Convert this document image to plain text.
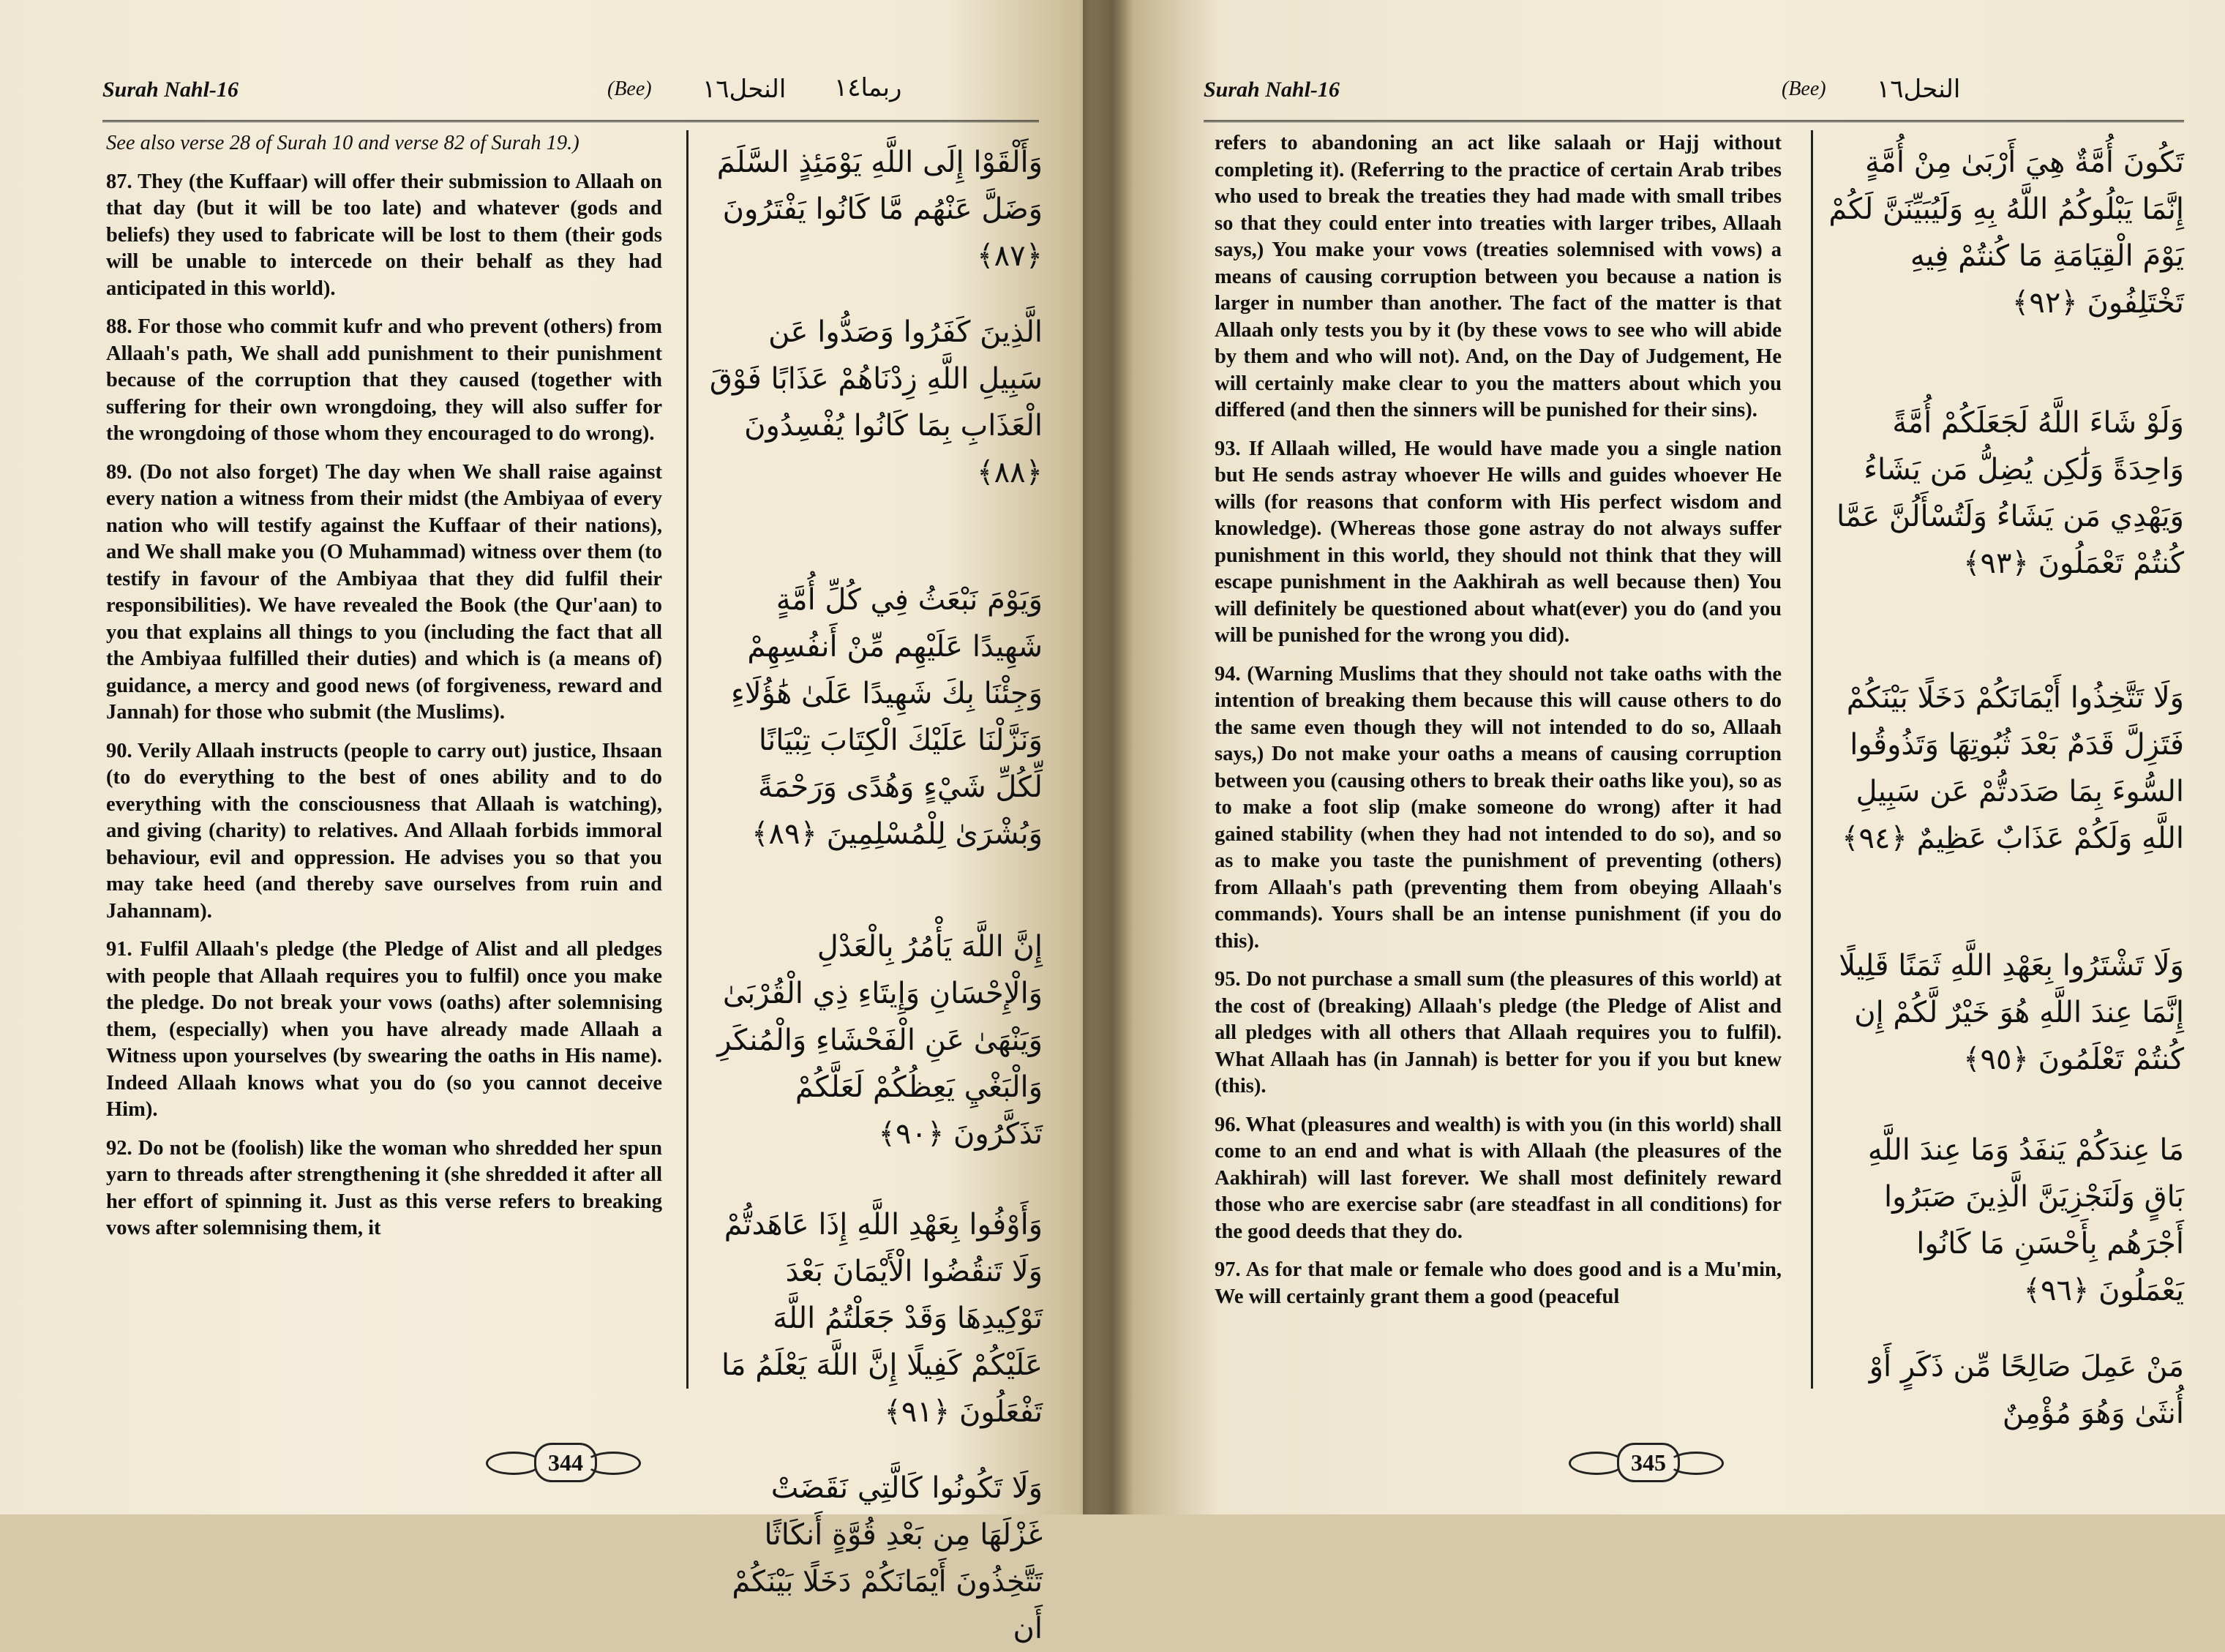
Surah Nahl-16	(Bee) النحل١٦ ربما١٤

See also verse 28 of Surah 10 and verse 82 of Surah 19.)

87. They (the Kuffaar) will offer their submission to Allaah on that day (but it will be too late) and whatever (gods and beliefs) they used to fabricate will be lost to them (their gods will be unable to intercede on their behalf as they had anticipated in this world).

88. For those who commit kufr and who prevent (others) from Allaah's path, We shall add punishment to their punishment because of the corruption that they caused (together with suffering for their own wrongdoing, they will also suffer for the wrongdoing of those whom they encouraged to do wrong).

89. (Do not also forget) The day when We shall raise against every nation a witness from their midst (the Ambiyaa of every nation who will testify against the Kuffaar of their nations), and We shall make you (O Muhammad) witness over them (to testify in favour of the Ambiyaa that they did fulfil their responsibilities). We have revealed the Book (the Qur'aan) to you that explains all things to you (including the fact that all the Ambiyaa fulfilled their duties) and which is (a means of) guidance, a mercy and good news (of forgiveness, reward and Jannah) for those who submit (the Muslims).

90. Verily Allaah instructs (people to carry out) justice, Ihsaan (to do everything to the best of ones ability and to do everything with the consciousness that Allaah is watching), and giving (charity) to relatives. And Allaah forbids immoral behaviour, evil and oppression. He advises you so that you may take heed (and thereby save ourselves from ruin and Jahannam).

91. Fulfil Allaah's pledge (the Pledge of Alist and all pledges with people that Allaah requires you to fulfil) once you make the pledge. Do not break your vows (oaths) after solemnising them, (especially) when you have already made Allaah a Witness upon yourselves (by swearing the oaths in His name). Indeed Allaah knows what you do (so you cannot deceive Him).

92. Do not be (foolish) like the woman who shredded her spun yarn to threads after strengthening it (she shredded it after all her effort of spinning it. Just as this verse refers to breaking vows after solemnising them, it

وَأَلْقَوْا إِلَى اللَّهِ يَوْمَئِذٍ السَّلَمَ وَضَلَّ عَنْهُم مَّا كَانُوا يَفْتَرُونَ ﴿٨٧﴾
الَّذِينَ كَفَرُوا وَصَدُّوا عَن سَبِيلِ اللَّهِ زِدْنَاهُمْ عَذَابًا فَوْقَ الْعَذَابِ بِمَا كَانُوا يُفْسِدُونَ ﴿٨٨﴾
وَيَوْمَ نَبْعَثُ فِي كُلِّ أُمَّةٍ شَهِيدًا عَلَيْهِم مِّنْ أَنفُسِهِمْ وَجِئْنَا بِكَ شَهِيدًا عَلَىٰ هَٰؤُلَاءِ وَنَزَّلْنَا عَلَيْكَ الْكِتَابَ تِبْيَانًا لِّكُلِّ شَيْءٍ وَهُدًى وَرَحْمَةً وَبُشْرَىٰ لِلْمُسْلِمِينَ ﴿٨٩﴾
إِنَّ اللَّهَ يَأْمُرُ بِالْعَدْلِ وَالْإِحْسَانِ وَإِيتَاءِ ذِي الْقُرْبَىٰ وَيَنْهَىٰ عَنِ الْفَحْشَاءِ وَالْمُنكَرِ وَالْبَغْيِ يَعِظُكُمْ لَعَلَّكُمْ تَذَكَّرُونَ ﴿٩٠﴾
وَأَوْفُوا بِعَهْدِ اللَّهِ إِذَا عَاهَدتُّمْ وَلَا تَنقُضُوا الْأَيْمَانَ بَعْدَ تَوْكِيدِهَا وَقَدْ جَعَلْتُمُ اللَّهَ عَلَيْكُمْ كَفِيلًا إِنَّ اللَّهَ يَعْلَمُ مَا تَفْعَلُونَ ﴿٩١﴾
وَلَا تَكُونُوا كَالَّتِي نَقَضَتْ غَزْلَهَا مِن بَعْدِ قُوَّةٍ أَنكَاثًا تَتَّخِذُونَ أَيْمَانَكُمْ دَخَلًا بَيْنَكُمْ أَن
344
Surah Nahl-16	(Bee) النحل١٦

refers to abandoning an act like salaah or Hajj without completing it). (Referring to the practice of certain Arab tribes who used to break the treaties they had made with small tribes so that they could enter into treaties with larger tribes, Allaah says,) You make your vows (treaties solemnised with vows) a means of causing corruption between you because a nation is larger in number than another. The fact of the matter is that Allaah only tests you by it (by these vows to see who will abide by them and who will not). And, on the Day of Judgement, He will certainly make clear to you the matters about which you differed (and then the sinners will be punished for their sins).

93. If Allaah willed, He would have made you a single nation but He sends astray whoever He wills and guides whoever He wills (for reasons that conform with His perfect wisdom and knowledge). (Whereas those gone astray do not always suffer punishment in this world, they should not think that they will escape punishment in the Aakhirah as well because then) You will definitely be questioned about what(ever) you do (and you will be punished for the wrong you did).

94. (Warning Muslims that they should not take oaths with the intention of breaking them because this will cause others to do the same even though they will not intended to do so, Allaah says,) Do not make your oaths a means of causing corruption between you (causing others to break their oaths like you), so as to make a foot slip (make someone do wrong) after it had gained stability (when they had not intended to do so), and so as to make you taste the punishment of preventing (others) from Allaah's path (preventing them from obeying Allaah's commands). Yours shall be an intense punishment (if you do this).

95. Do not purchase a small sum (the pleasures of this world) at the cost of (breaking) Allaah's pledge (the Pledge of Alist and all pledges with all others that Allaah requires you to fulfil). What Allaah has (in Jannah) is better for you if you but knew (this).

96. What (pleasures and wealth) is with you (in this world) shall come to an end and what is with Allaah (the pleasures of the Aakhirah) will last forever. We shall most definitely reward those who are exercise sabr (are steadfast in all conditions) for the good deeds that they do.

97. As for that male or female who does good and is a Mu'min, We will certainly grant them a good (peaceful

تَكُونَ أُمَّةٌ هِيَ أَرْبَىٰ مِنْ أُمَّةٍ إِنَّمَا يَبْلُوكُمُ اللَّهُ بِهِ وَلَيُبَيِّنَنَّ لَكُمْ يَوْمَ الْقِيَامَةِ مَا كُنتُمْ فِيهِ تَخْتَلِفُونَ ﴿٩٢﴾
وَلَوْ شَاءَ اللَّهُ لَجَعَلَكُمْ أُمَّةً وَاحِدَةً وَلَٰكِن يُضِلُّ مَن يَشَاءُ وَيَهْدِي مَن يَشَاءُ وَلَتُسْأَلُنَّ عَمَّا كُنتُمْ تَعْمَلُونَ ﴿٩٣﴾
وَلَا تَتَّخِذُوا أَيْمَانَكُمْ دَخَلًا بَيْنَكُمْ فَتَزِلَّ قَدَمٌ بَعْدَ ثُبُوتِهَا وَتَذُوقُوا السُّوءَ بِمَا صَدَدتُّمْ عَن سَبِيلِ اللَّهِ وَلَكُمْ عَذَابٌ عَظِيمٌ ﴿٩٤﴾
وَلَا تَشْتَرُوا بِعَهْدِ اللَّهِ ثَمَنًا قَلِيلًا إِنَّمَا عِندَ اللَّهِ هُوَ خَيْرٌ لَّكُمْ إِن كُنتُمْ تَعْلَمُونَ ﴿٩٥﴾
مَا عِندَكُمْ يَنفَدُ وَمَا عِندَ اللَّهِ بَاقٍ وَلَنَجْزِيَنَّ الَّذِينَ صَبَرُوا أَجْرَهُم بِأَحْسَنِ مَا كَانُوا يَعْمَلُونَ ﴿٩٦﴾
مَنْ عَمِلَ صَالِحًا مِّن ذَكَرٍ أَوْ أُنثَىٰ وَهُوَ مُؤْمِنٌ
345
